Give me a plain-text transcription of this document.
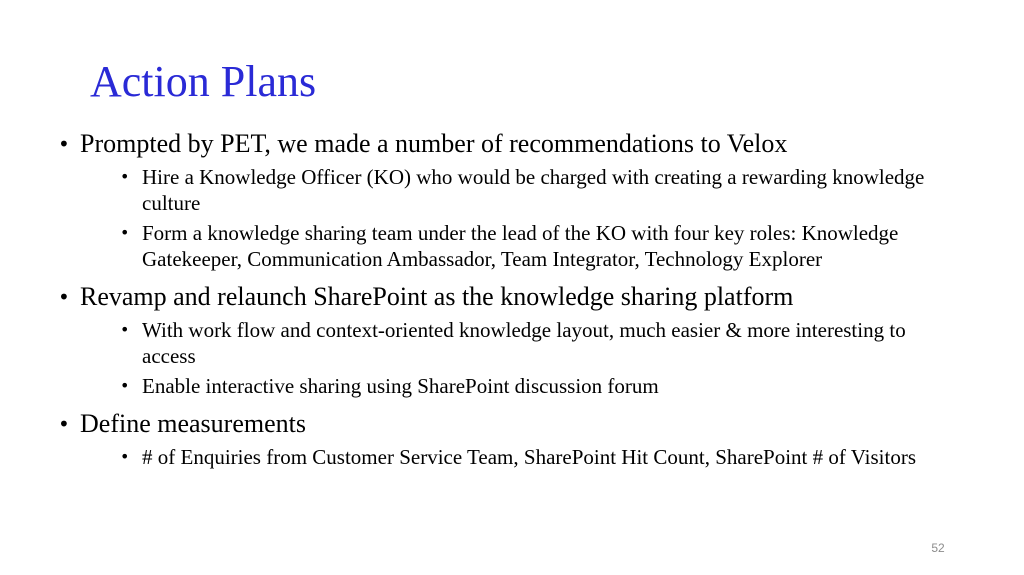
Action Plans
• Prompted by PET, we made a number of recommendations to Velox
• Hire a Knowledge Officer (KO) who would be charged with creating a rewarding knowledge culture
• Form a knowledge sharing team under the lead of the KO with four key roles: Knowledge Gatekeeper, Communication Ambassador, Team Integrator, Technology Explorer
• Revamp and relaunch SharePoint as the knowledge sharing platform
• With work flow and context-oriented knowledge layout, much easier & more interesting to access
• Enable interactive sharing using SharePoint discussion forum
• Define measurements
• # of Enquiries from Customer Service Team, SharePoint Hit Count, SharePoint # of Visitors
52
